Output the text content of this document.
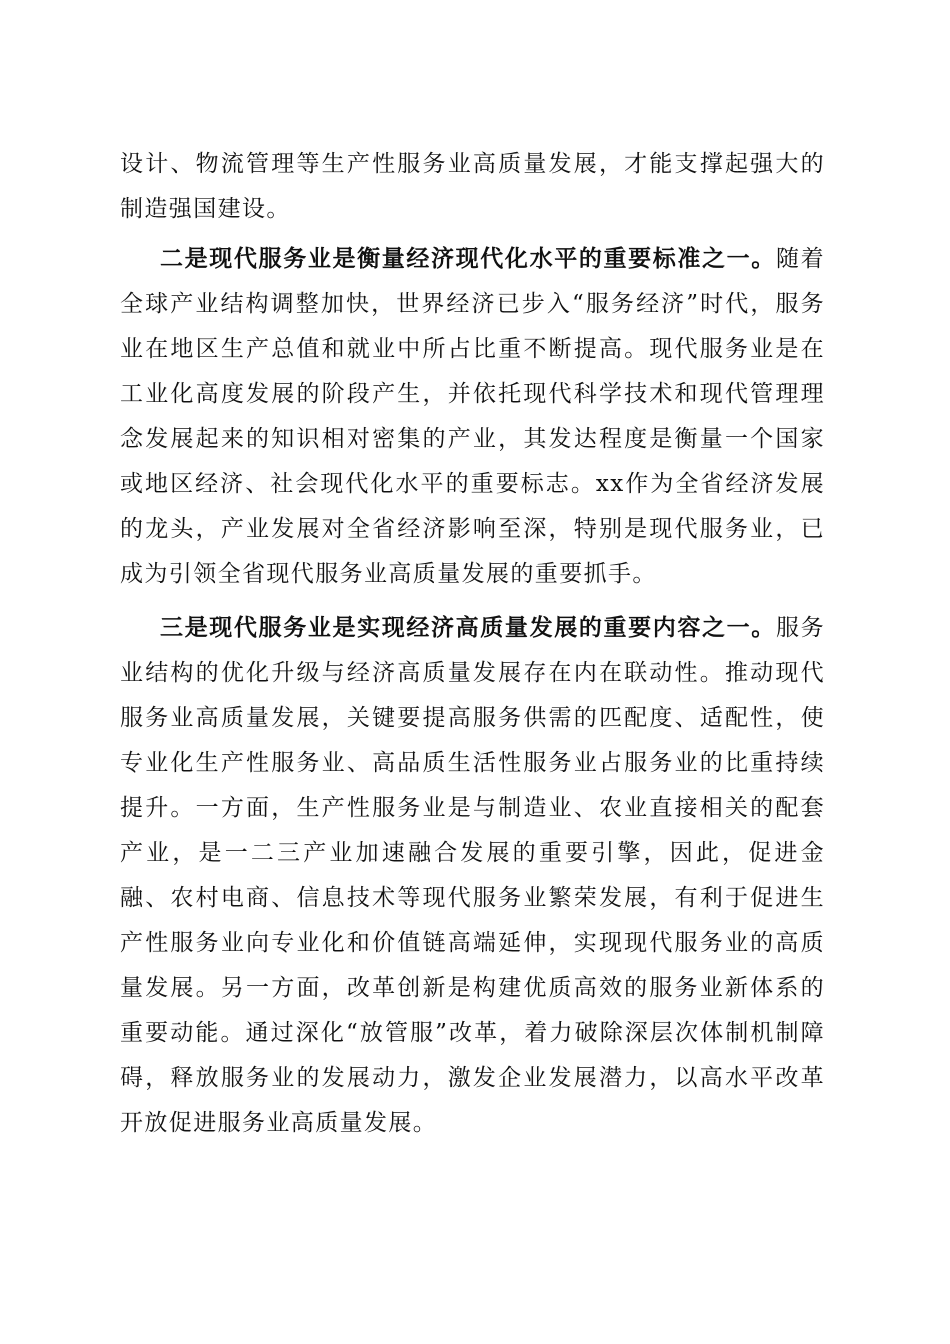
设计、物流管理等生产性服务业高质量发展，才能支撑起强大的制造强国建设。

二是现代服务业是衡量经济现代化水平的重要标准之一。随着全球产业结构调整加快，世界经济已步入“服务经济”时代，服务业在地区生产总值和就业中所占比重不断提高。现代服务业是在工业化高度发展的阶段产生，并依托现代科学技术和现代管理理念发展起来的知识相对密集的产业，其发达程度是衡量一个国家或地区经济、社会现代化水平的重要标志。xx作为全省经济发展的龙头，产业发展对全省经济影响至深，特别是现代服务业，已成为引领全省现代服务业高质量发展的重要抓手。

三是现代服务业是实现经济高质量发展的重要内容之一。服务业结构的优化升级与经济高质量发展存在内在联动性。推动现代服务业高质量发展，关键要提高服务供需的匹配度、适配性，使专业化生产性服务业、高品质生活性服务业占服务业的比重持续提升。一方面，生产性服务业是与制造业、农业直接相关的配套产业，是一二三产业加速融合发展的重要引擎，因此，促进金融、农村电商、信息技术等现代服务业繁荣发展，有利于促进生产性服务业向专业化和价值链高端延伸，实现现代服务业的高质量发展。另一方面，改革创新是构建优质高效的服务业新体系的重要动能。通过深化“放管服”改革，着力破除深层次体制机制障碍，释放服务业的发展动力，激发企业发展潜力，以高水平改革开放促进服务业高质量发展。
